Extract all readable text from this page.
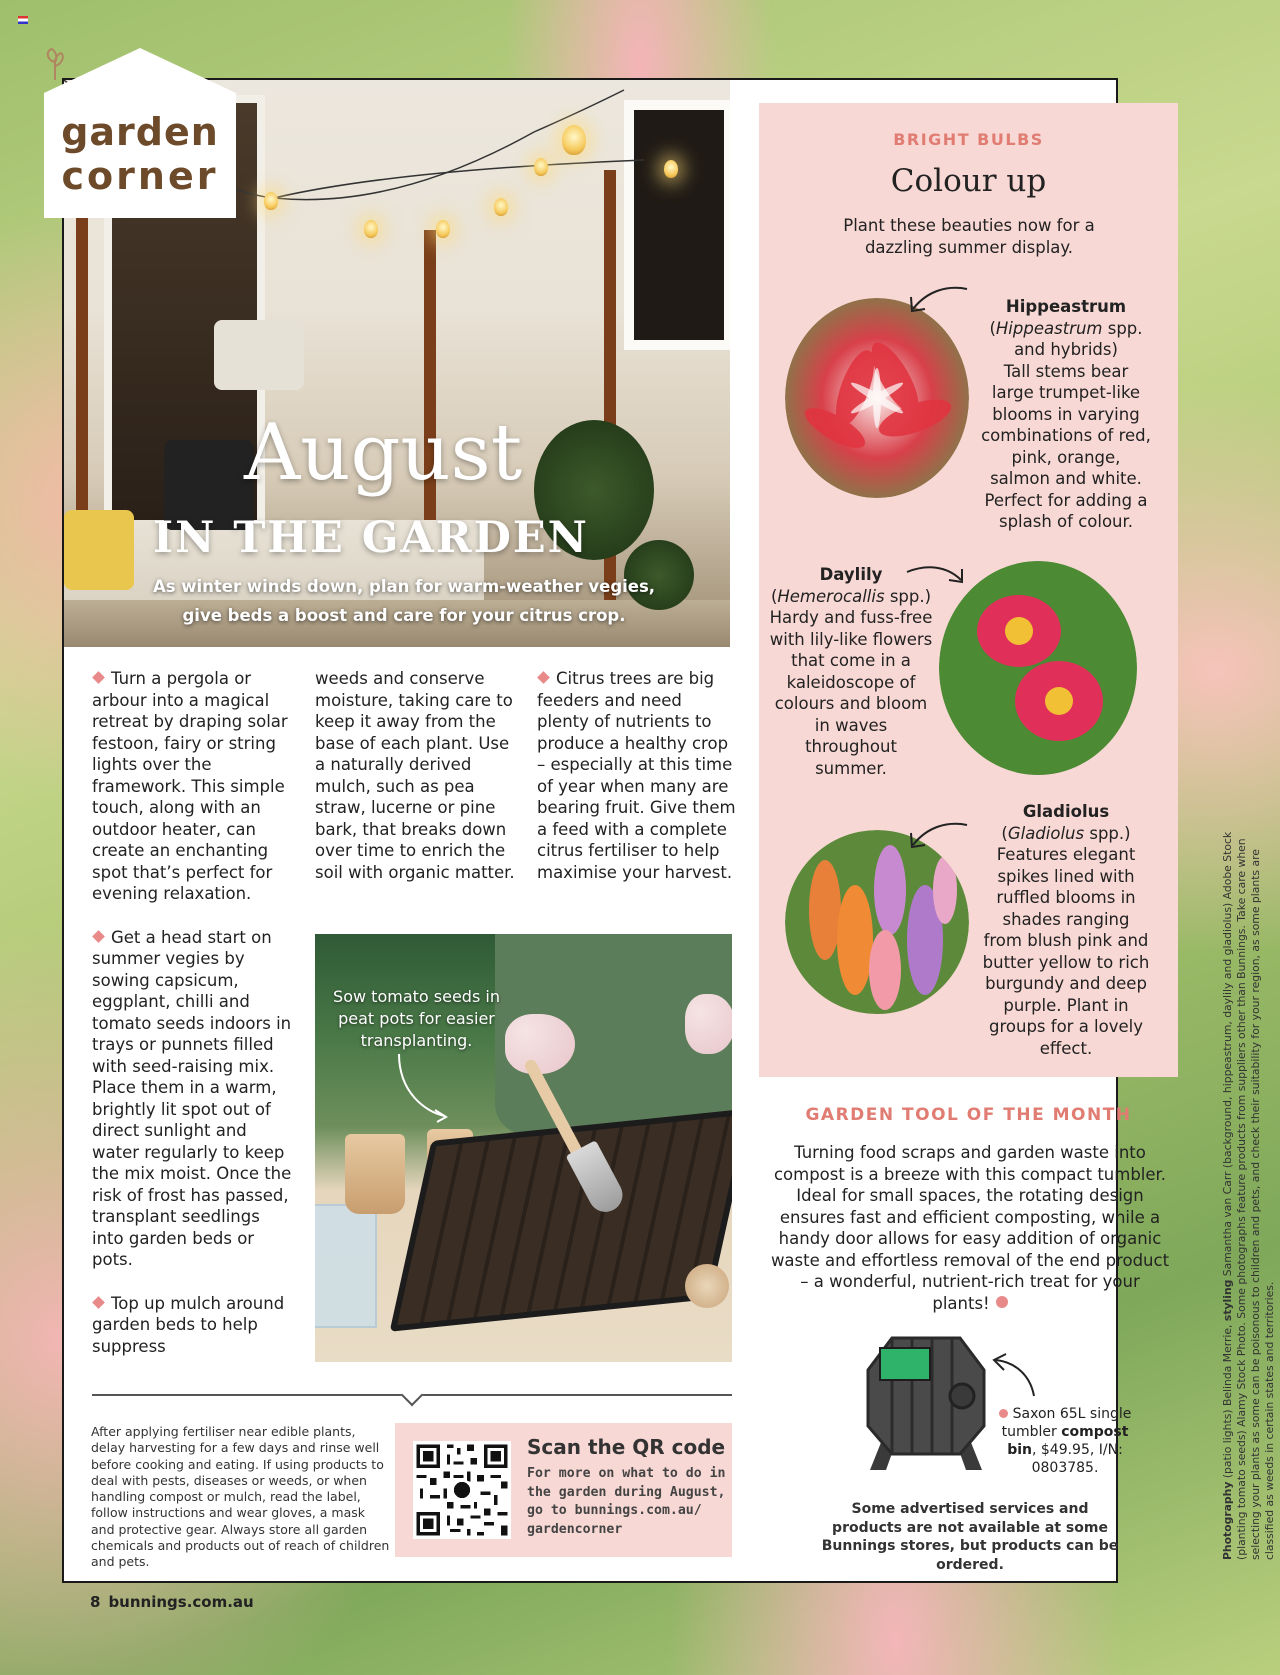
August
IN THE GARDEN
As winter winds down, plan for warm-weather vegies,
give beds a boost and care for your citrus crop.
garden
corner

Turn a pergola or arbour into a magical retreat by draping solar festoon, fairy or string lights over the framework. This simple touch, along with an outdoor heater, can create an enchanting spot that’s perfect for evening relaxation.

Get a head start on summer vegies by sowing capsicum, eggplant, chilli and tomato seeds indoors in trays or punnets filled with seed-raising mix. Place them in a warm, brightly lit spot out of direct sunlight and water regularly to keep the mix moist. Once the risk of frost has passed, transplant seedlings into garden beds or pots.

Top up mulch around garden beds to help suppress

weeds and conserve moisture, taking care to keep it away from the base of each plant. Use a naturally derived mulch, such as pea straw, lucerne or pine bark, that breaks down over time to enrich the soil with organic matter.

Citrus trees are big feeders and need plenty of nutrients to produce a healthy crop – especially at this time of year when many are bearing fruit. Give them a feed with a complete citrus fertiliser to help maximise your harvest.

Sow tomato seeds in peat pots for easier transplanting.
BRIGHT BULBS
Colour up
Plant these beauties now for a dazzling summer display.
Hippeastrum
(Hippeastrum spp. and hybrids)
Tall stems bear large trumpet-like blooms in varying combinations of red, pink, orange, salmon and white. Perfect for adding a splash of colour.
Daylily
(Hemerocallis spp.)
Hardy and fuss-free with lily-like flowers that come in a kaleidoscope of colours and bloom in waves throughout summer.
Gladiolus
(Gladiolus spp.)
Features elegant spikes lined with ruffled blooms in shades ranging from blush pink and butter yellow to rich burgundy and deep purple. Plant in groups for a lovely effect.
GARDEN TOOL OF THE MONTH
Turning food scraps and garden waste into compost is a breeze with this compact tumbler. Ideal for small spaces, the rotating design ensures fast and efficient composting, while a handy door allows for easy addition of organic waste and effortless removal of the end product – a wonderful, nutrient-rich treat for your plants!
Saxon 65L single tumbler compost
bin, $49.95, I/N: 0803785.
Some advertised services and products are not available at some Bunnings stores, but products can be ordered.
After applying fertiliser near edible plants, delay harvesting for a few days and rinse well before cooking and eating. If using products to deal with pests, diseases or weeds, or when handling compost or mulch, read the label, follow instructions and wear gloves, a mask and protective gear. Always store all garden chemicals and products out of reach of children and pets.
Scan the QR code
For more on what to do in the garden during August, go to bunnings.com.au/ gardencorner
8 bunnings.com.au
Photography (patio lights) Belinda Merrie, styling Samantha van Carr (background, hippeastrum, daylily and gladiolus) Adobe Stock (planting tomato seeds) Alamy Stock Photo. Some photographs feature products from suppliers other than Bunnings. Take care when selecting your plants as some can be poisonous to children and pets, and check their suitability for your region, as some plants are classified as weeds in certain states and territories.
